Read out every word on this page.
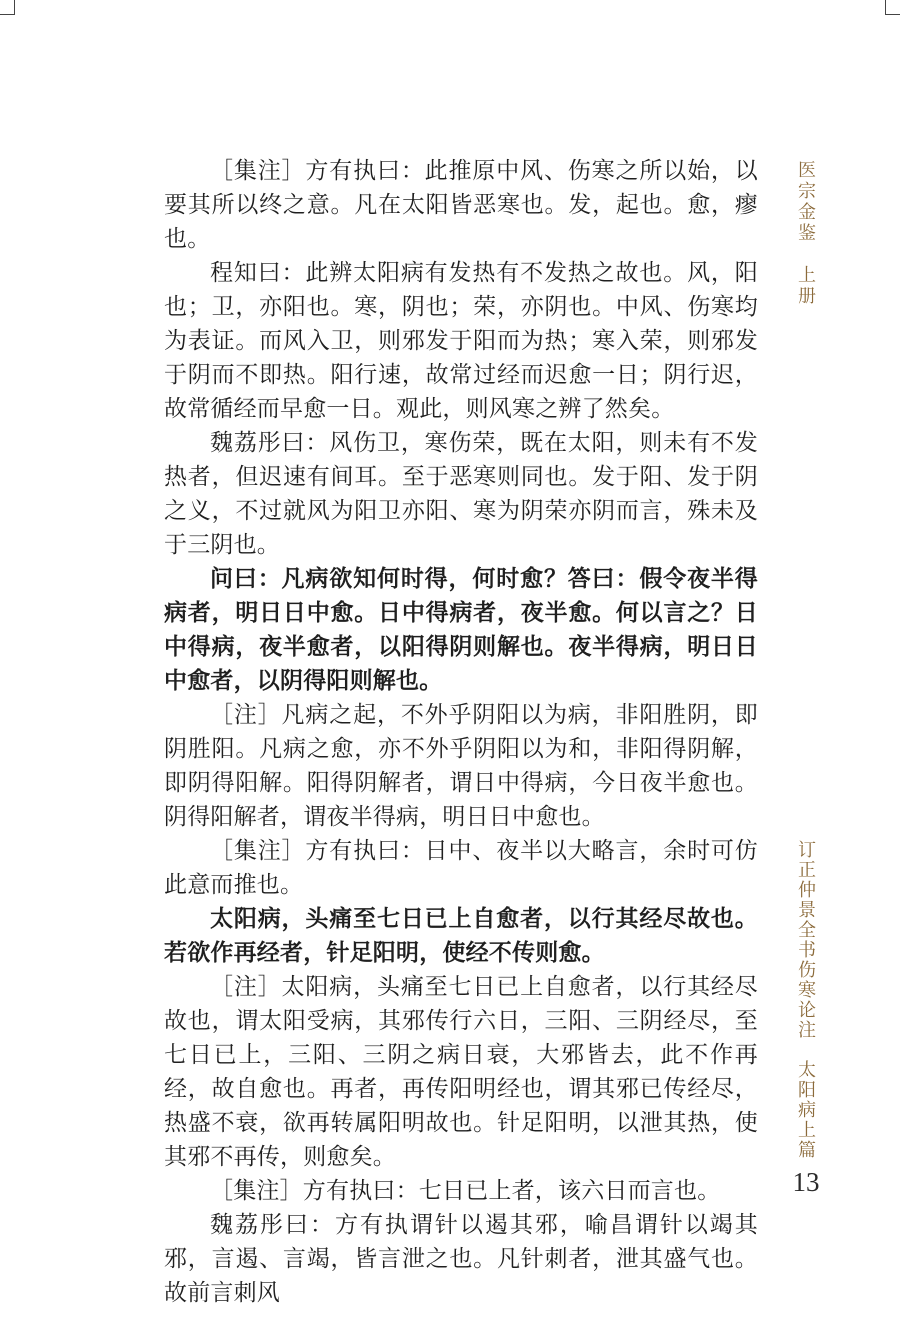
［集注］方有执曰：此推原中风、伤寒之所以始，以要其所以终之意。凡在太阳皆恶寒也。发，起也。愈，瘳也。

程知曰：此辨太阳病有发热有不发热之故也。风，阳也；卫，亦阳也。寒，阴也；荣，亦阴也。中风、伤寒均为表证。而风入卫，则邪发于阳而为热；寒入荣，则邪发于阴而不即热。阳行速，故常过经而迟愈一日；阴行迟，故常循经而早愈一日。观此，则风寒之辨了然矣。

魏荔彤曰：风伤卫，寒伤荣，既在太阳，则未有不发热者，但迟速有间耳。至于恶寒则同也。发于阳、发于阴之义，不过就风为阳卫亦阳、寒为阴荣亦阴而言，殊未及于三阴也。

问曰：凡病欲知何时得，何时愈？答曰：假令夜半得病者，明日日中愈。日中得病者，夜半愈。何以言之？日中得病，夜半愈者，以阳得阴则解也。夜半得病，明日日中愈者，以阴得阳则解也。

［注］凡病之起，不外乎阴阳以为病，非阳胜阴，即阴胜阳。凡病之愈，亦不外乎阴阳以为和，非阳得阴解，即阴得阳解。阳得阴解者，谓日中得病，今日夜半愈也。阴得阳解者，谓夜半得病，明日日中愈也。

［集注］方有执曰：日中、夜半以大略言，余时可仿此意而推也。

太阳病，头痛至七日已上自愈者，以行其经尽故也。若欲作再经者，针足阳明，使经不传则愈。

［注］太阳病，头痛至七日已上自愈者，以行其经尽故也，谓太阳受病，其邪传行六日，三阳、三阴经尽，至七日已上，三阳、三阴之病日衰，大邪皆去，此不作再经，故自愈也。再者，再传阳明经也，谓其邪已传经尽，热盛不衰，欲再转属阳明故也。针足阳明，以泄其热，使其邪不再传，则愈矣。

［集注］方有执曰：七日已上者，该六日而言也。

魏荔彤曰：方有执谓针以遏其邪，喻昌谓针以竭其邪，言遏、言竭，皆言泄之也。凡针刺者，泄其盛气也。故前言刺风

医宗金鉴　上册
订正仲景全书伤寒论注　太阳病上篇
13
